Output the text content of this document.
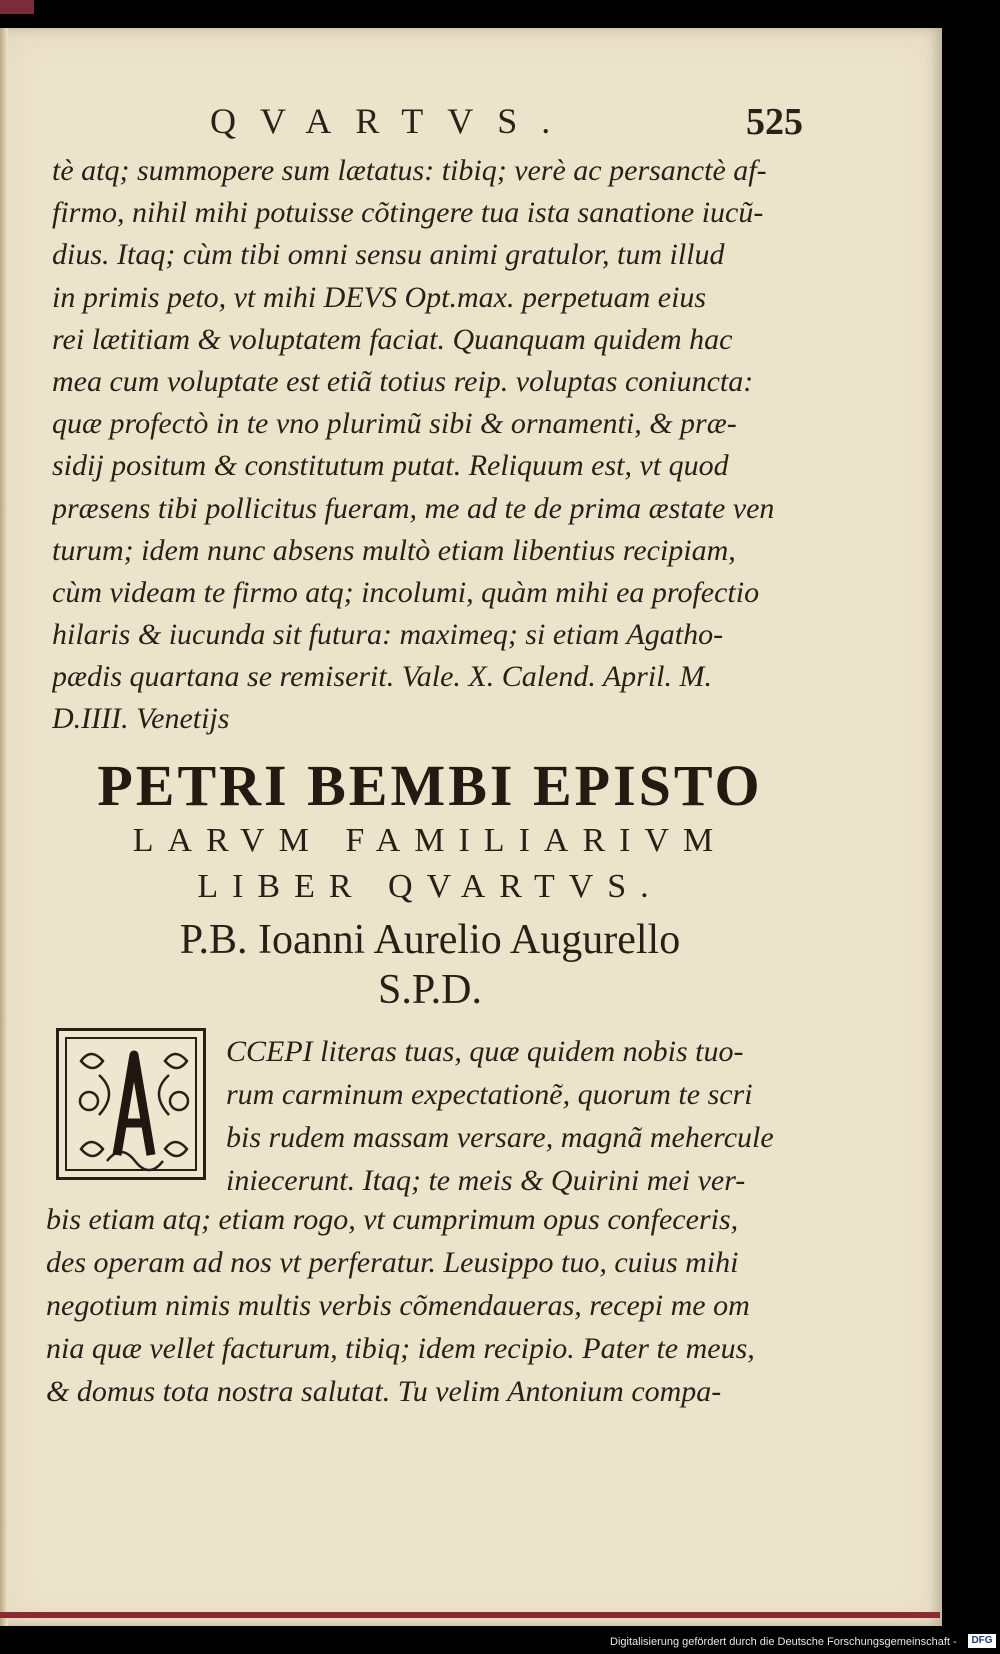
QVARTVS.	525
tè atq; summopere sum lætatus: tibiq; verè ac persanctè af-
firmo, nihil mihi potuisse cõtingere tua ista sanatione iucũ-
dius. Itaq; cùm tibi omni sensu animi gratulor, tum illud
in primis peto, vt mihi DEVS Opt.max. perpetuam eius
rei lætitiam & voluptatem faciat. Quanquam quidem hac
mea cum voluptate est etiã totius reip. voluptas coniuncta:
quæ profectò in te vno plurimũ sibi & ornamenti, & præ-
sidij positum & constitutum putat. Reliquum est, vt quod
præsens tibi pollicitus fueram, me ad te de prima æstate ven
turum; idem nunc absens multò etiam libentius recipiam,
cùm videam te firmo atq; incolumi, quàm mihi ea profectio
hilaris & iucunda sit futura: maximeq; si etiam Agatho-
pædis quartana se remiserit. Vale. X. Calend. April. M.
D.IIII. Venetijs
PETRI BEMBI EPISTO
LARVM FAMILIARIVM
LIBER QVARTVS.
P.B. Ioanni Aurelio Augurello
S.P.D.
CCEPI literas tuas, quæ quidem nobis tuo-
rum carminum expectationẽ, quorum te scri
bis rudem massam versare, magnã mehercule
iniecerunt. Itaq; te meis & Quirini mei ver-
bis etiam atq; etiam rogo, vt cumprimum opus confeceris,
des operam ad nos vt perferatur. Leusippo tuo, cuius mihi
negotium nimis multis verbis cõmendaueras, recepi me om
nia quæ vellet facturum, tibiq; idem recipio. Pater te meus,
& domus tota nostra salutat. Tu velim Antonium compa-
Digitalisierung gefördert durch die Deutsche Forschungsgemeinschaft -	DFG
